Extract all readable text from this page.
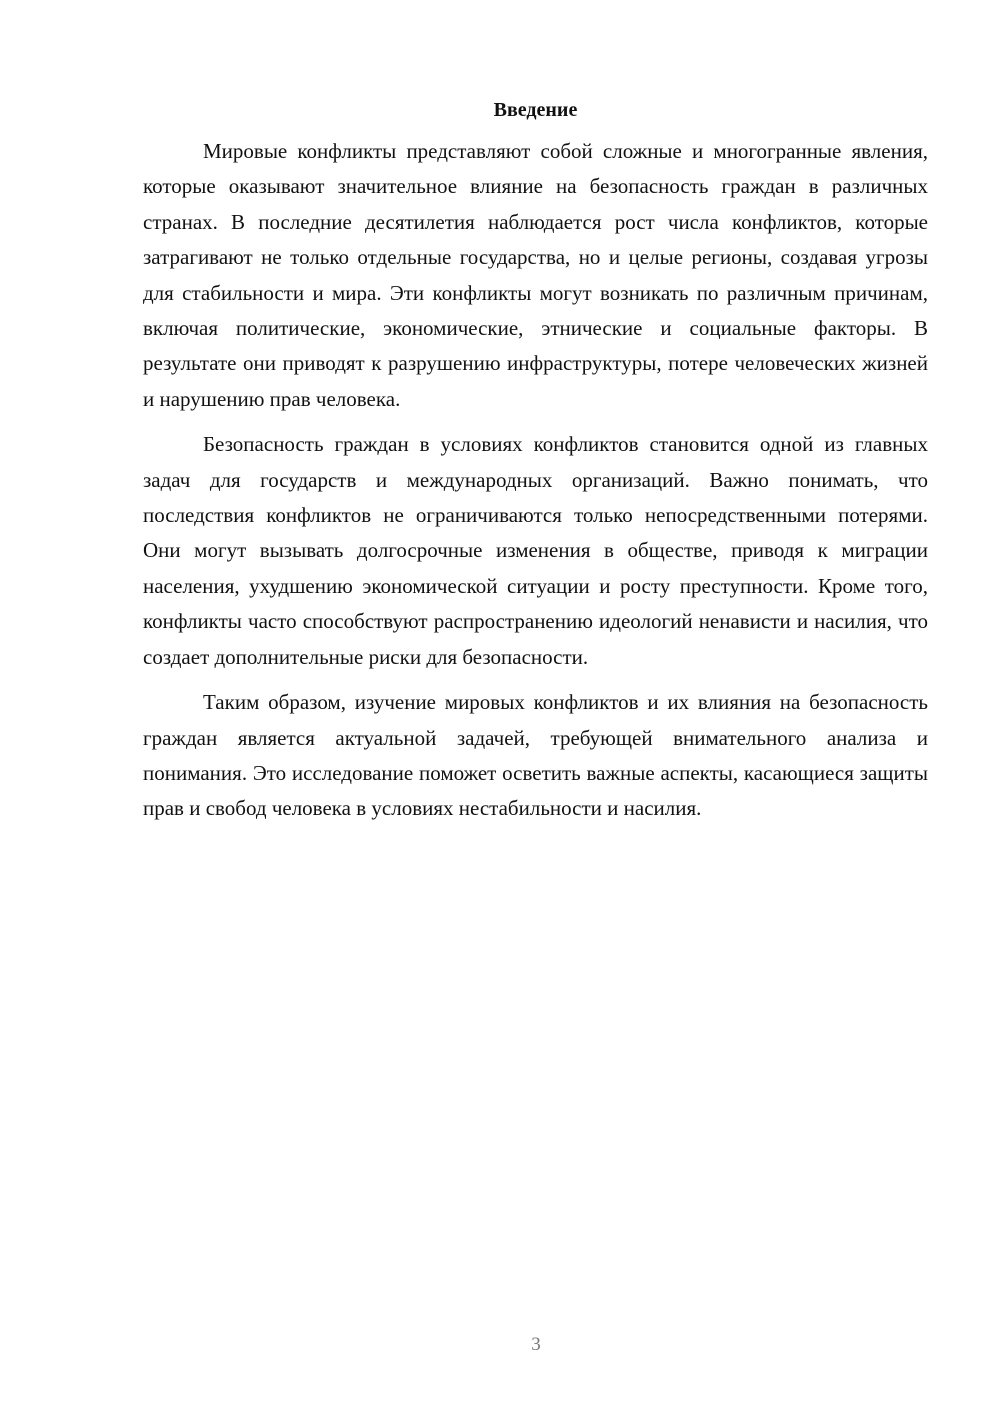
Введение

Мировые конфликты представляют собой сложные и многогранные явления, которые оказывают значительное влияние на безопасность граждан в различных странах. В последние десятилетия наблюдается рост числа конфликтов, которые затрагивают не только отдельные государства, но и целые регионы, создавая угрозы для стабильности и мира. Эти конфликты могут возникать по различным причинам, включая политические, экономические, этнические и социальные факторы. В результате они приводят к разрушению инфраструктуры, потере человеческих жизней и нарушению прав человека.

Безопасность граждан в условиях конфликтов становится одной из главных задач для государств и международных организаций. Важно понимать, что последствия конфликтов не ограничиваются только непосредственными потерями. Они могут вызывать долгосрочные изменения в обществе, приводя к миграции населения, ухудшению экономической ситуации и росту преступности. Кроме того, конфликты часто способствуют распространению идеологий ненависти и насилия, что создает дополнительные риски для безопасности.

Таким образом, изучение мировых конфликтов и их влияния на безопасность граждан является актуальной задачей, требующей внимательного анализа и понимания. Это исследование поможет осветить важные аспекты, касающиеся защиты прав и свобод человека в условиях нестабильности и насилия.

3
